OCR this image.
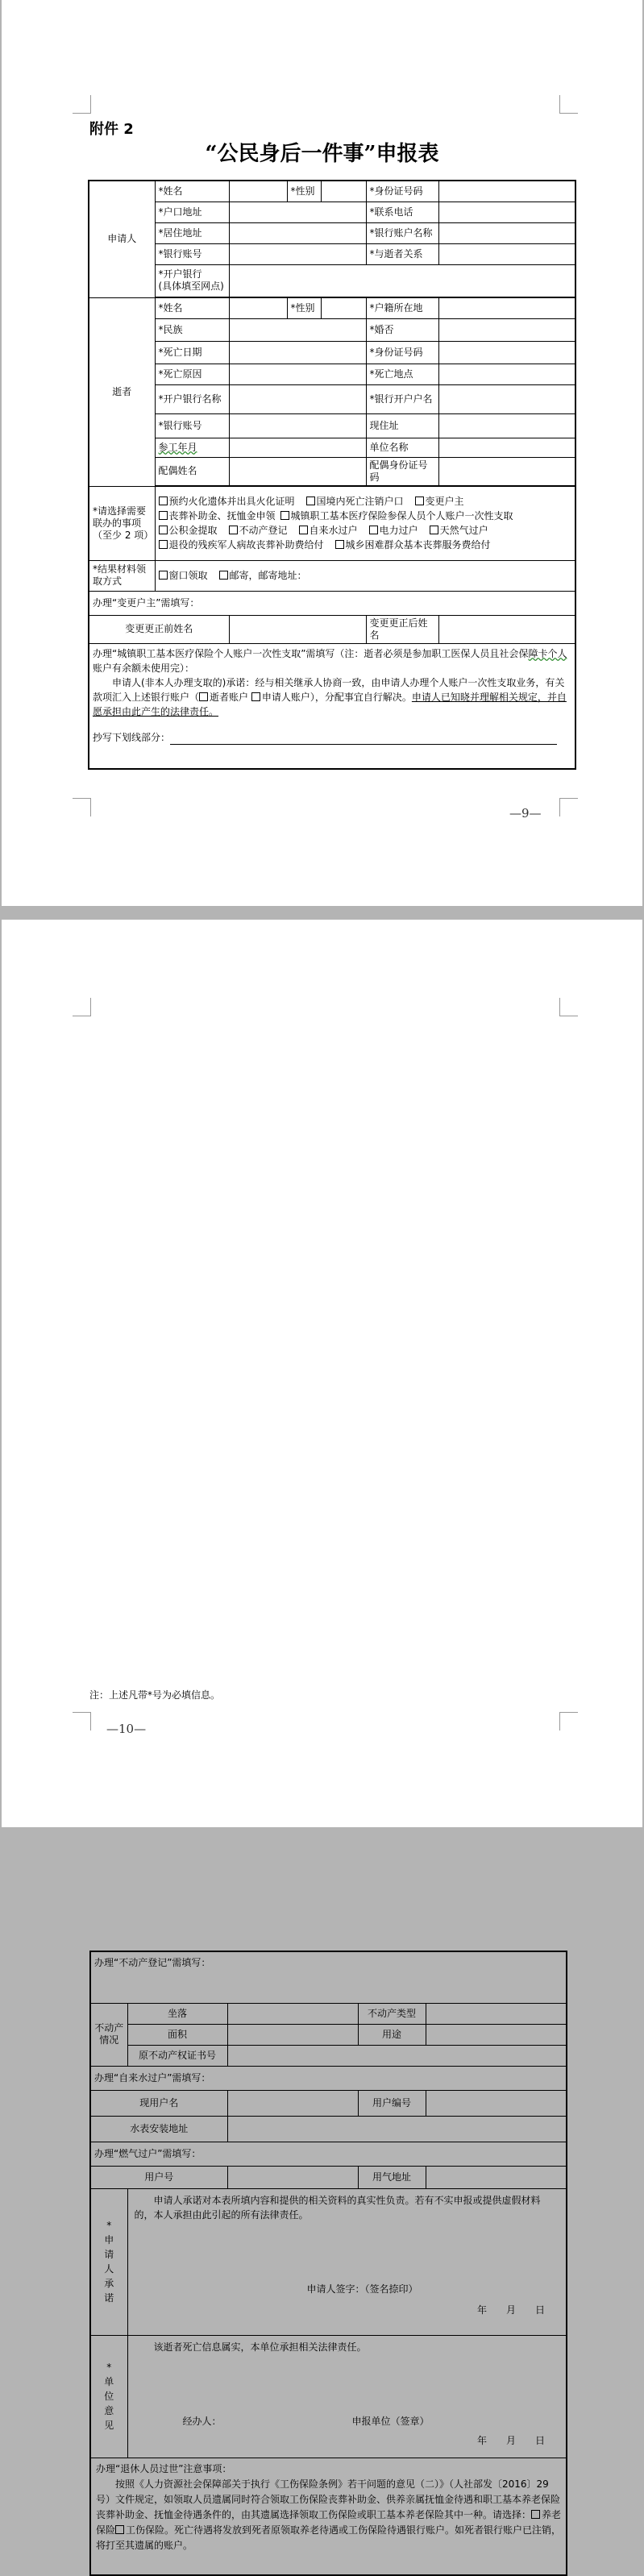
附件 2
“公民身后一件事”申报表
申请人	*姓名		*性别		*身份证号码	
	*户口地址				*联系电话	
	*居住地址				*银行账户名称	
	*银行账号				*与逝者关系	
	*开户银行
(具体填至网点)					

逝者	*姓名		*性别		*户籍所在地	
	*民族				*婚否	
	*死亡日期				*身份证号码	
	*死亡原因				*死亡地点	
	*开户银行名称				*银行开户户名	
	*银行账号				现住址	
	参工年月				单位名称	
	配偶姓名				配偶身份证号码	

*请选择需要联办的事项（至少 2 项）	预约火化遗体并出具火化证明 国境内死亡注销户口 变更户主
丧葬补助金、抚恤金申领 城镇职工基本医疗保险参保人员个人账户一次性支取
公积金提取 不动产登记 自来水过户 电力过户 天然气过户
退役的残疾军人病故丧葬补助费给付 城乡困难群众基本丧葬服务费给付					
*结果材料领取方式	窗口领取 邮寄，邮寄地址：					
办理“变更户主”需填写：						
变更更正前姓名					变更更正后姓名	

办理“城镇职工基本医疗保险个人账户一次性支取”需填写（注：逝者必须是参加职工医保人员且社会保障卡个人账户有余额未使用完）：
申请人(非本人办理支取的)承诺：经与相关继承人协商一致，由申请人办理个人账户一次性支取业务，有关款项汇入上述银行账户（ 逝者账户 申请人账户），分配事宜自行解决。申请人已知晓并理解相关规定，并自愿承担由此产生的法律责任。
抄写下划线部分：						
—9—
办理“不动产登记”需填写：				
不动产情况	坐落		不动产类型	
	面积		用途	
	原不动产权证书号			
办理“自来水过户”需填写：				
现用户名			用户编号	
水表安装地址				
办理“燃气过户”需填写：				
用户号			用气地址	

*申请人承诺	申请人承诺对本表所填内容和提供的相关资料的真实性负责。若有不实申报或提供虚假材料的，本人承担由此引起的所有法律责任。
申请人签字：（签名捺印）
年　　月　　日			

*单位意见	该逝者死亡信息属实，本单位承担相关法律责任。
经办人： 申报单位（签章）
年　　月　　日			

办理“退休人员过世”注意事项：
按照《人力资源社会保障部关于执行《工伤保险条例》若干问题的意见（二）》（人社部发〔2016〕29 号）文件规定，如领取人员遗属同时符合领取工伤保险丧葬补助金、供养亲属抚恤金待遇和职工基本养老保险丧葬补助金、抚恤金待遇条件的，由其遗属选择领取工伤保险或职工基本养老保险其中一种。请选择： 养老保险 工伤保险。死亡待遇将发放到死者原领取养老待遇或工伤保险待遇银行账户。如死者银行账户已注销，将打至其遗属的账户。				
注：上述凡带*号为必填信息。
—10—
